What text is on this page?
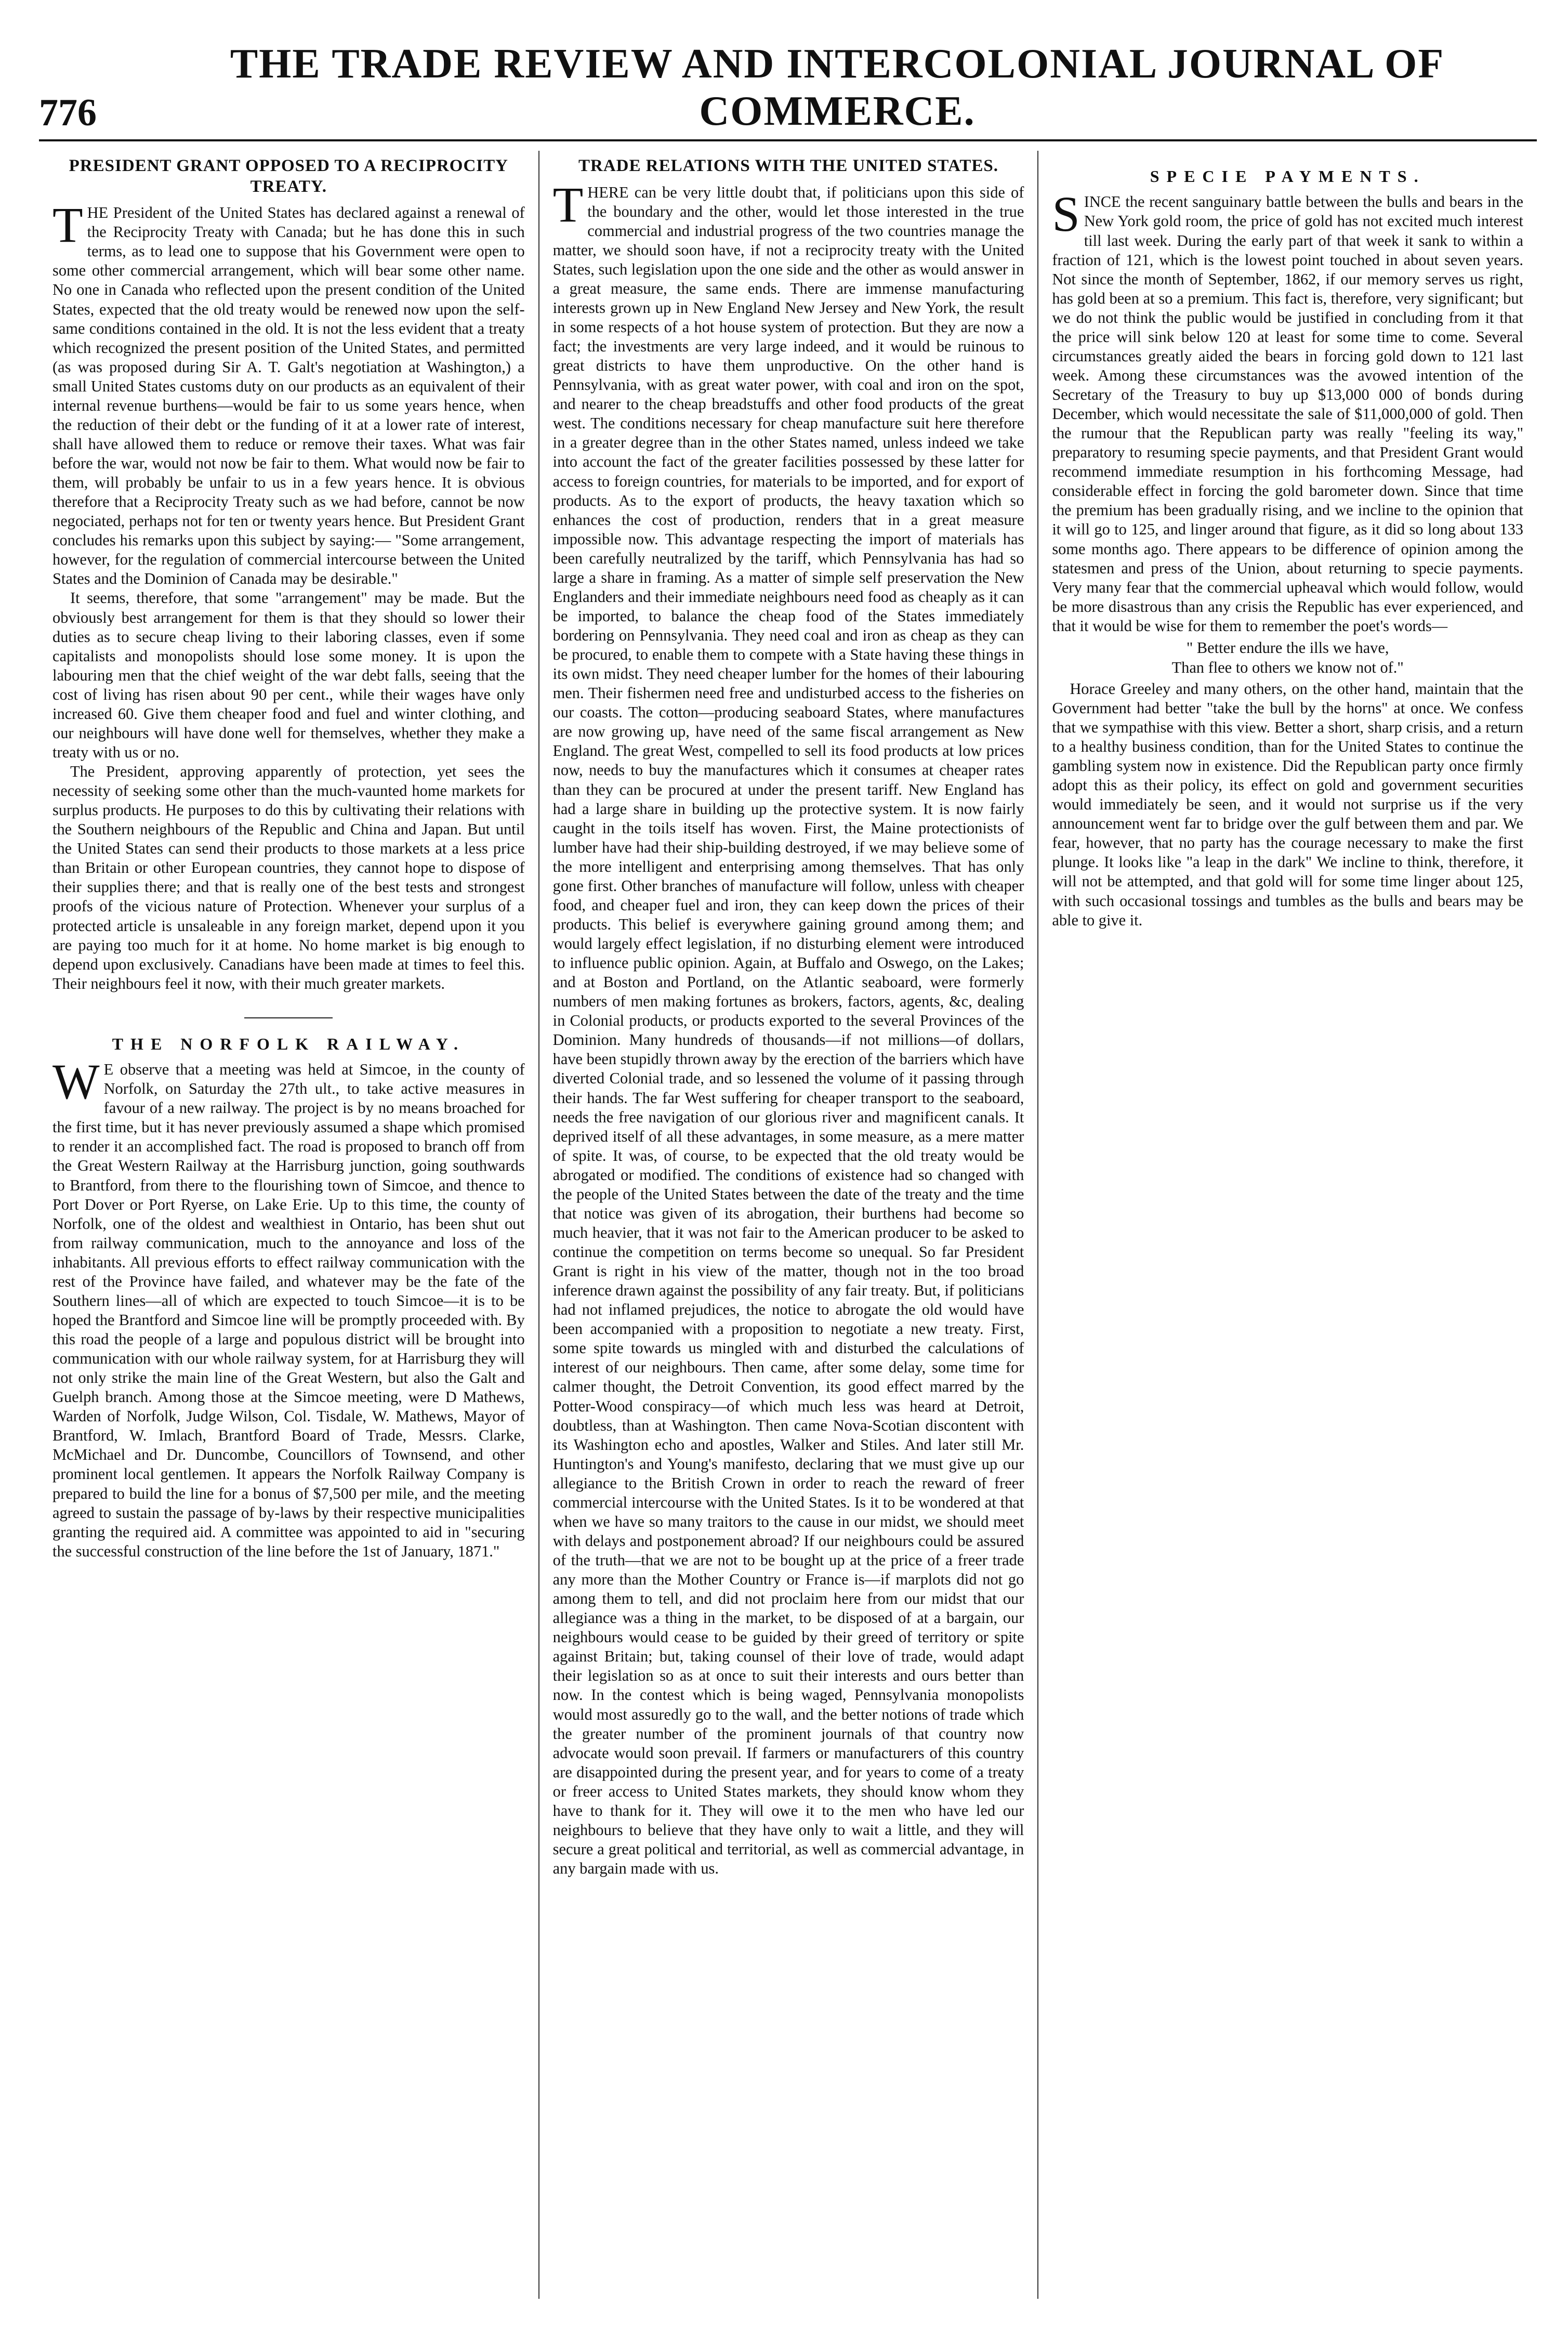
776
THE TRADE REVIEW AND INTERCOLONIAL JOURNAL OF COMMERCE.
PRESIDENT GRANT OPPOSED TO A RECIPROCITY TREATY.

THE President of the United States has declared against a renewal of the Reciprocity Treaty with Canada; but he has done this in such terms, as to lead one to suppose that his Government were open to some other commercial arrangement, which will bear some other name. No one in Canada who reflected upon the present condition of the United States, expected that the old treaty would be renewed now upon the self-same conditions contained in the old. It is not the less evident that a treaty which recognized the present position of the United States, and permitted (as was proposed during Sir A. T. Galt's negotiation at Washington,) a small United States customs duty on our products as an equivalent of their internal revenue burthens—would be fair to us some years hence, when the reduction of their debt or the funding of it at a lower rate of interest, shall have allowed them to reduce or remove their taxes. What was fair before the war, would not now be fair to them. What would now be fair to them, will probably be unfair to us in a few years hence. It is obvious therefore that a Reciprocity Treaty such as we had before, cannot be now negociated, perhaps not for ten or twenty years hence. But President Grant concludes his remarks upon this subject by saying:— "Some arrangement, however, for the regulation of commercial intercourse between the United States and the Dominion of Canada may be desirable."

It seems, therefore, that some "arrangement" may be made. But the obviously best arrangement for them is that they should so lower their duties as to secure cheap living to their laboring classes, even if some capitalists and monopolists should lose some money. It is upon the labouring men that the chief weight of the war debt falls, seeing that the cost of living has risen about 90 per cent., while their wages have only increased 60. Give them cheaper food and fuel and winter clothing, and our neighbours will have done well for themselves, whether they make a treaty with us or no.

The President, approving apparently of protection, yet sees the necessity of seeking some other than the much-vaunted home markets for surplus products. He purposes to do this by cultivating their relations with the Southern neighbours of the Republic and China and Japan. But until the United States can send their products to those markets at a less price than Britain or other European countries, they cannot hope to dispose of their supplies there; and that is really one of the best tests and strongest proofs of the vicious nature of Protection. Whenever your surplus of a protected article is unsaleable in any foreign market, depend upon it you are paying too much for it at home. No home market is big enough to depend upon exclusively. Canadians have been made at times to feel this. Their neighbours feel it now, with their much greater markets.

THE NORFOLK RAILWAY.

W E observe that a meeting was held at Simcoe, in the county of Norfolk, on Saturday the 27th ult., to take active measures in favour of a new railway. The project is by no means broached for the first time, but it has never previously assumed a shape which promised to render it an accomplished fact. The road is proposed to branch off from the Great Western Railway at the Harrisburg junction, going southwards to Brantford, from there to the flourishing town of Simcoe, and thence to Port Dover or Port Ryerse, on Lake Erie. Up to this time, the county of Norfolk, one of the oldest and wealthiest in Ontario, has been shut out from railway communication, much to the annoyance and loss of the inhabitants. All previous efforts to effect railway communication with the rest of the Province have failed, and whatever may be the fate of the Southern lines—all of which are expected to touch Simcoe—it is to be hoped the Brantford and Simcoe line will be promptly proceeded with. By this road the people of a large and populous district will be brought into communication with our whole railway system, for at Harrisburg they will not only strike the main line of the Great Western, but also the Galt and Guelph branch. Among those at the Simcoe meeting, were D Mathews, Warden of Norfolk, Judge Wilson, Col. Tisdale, W. Mathews, Mayor of Brantford, W. Imlach, Brantford Board of Trade, Messrs. Clarke, McMichael and Dr. Duncombe, Councillors of Townsend, and other prominent local gentlemen. It appears the Norfolk Railway Company is prepared to build the line for a bonus of $7,500 per mile, and the meeting agreed to sustain the passage of by-laws by their respective municipalities granting the required aid. A committee was appointed to aid in "securing the successful construction of the line before the 1st of January, 1871."

TRADE RELATIONS WITH THE UNITED STATES.

THERE can be very little doubt that, if politicians upon this side of the boundary and the other, would let those interested in the true commercial and industrial progress of the two countries manage the matter, we should soon have, if not a reciprocity treaty with the United States, such legislation upon the one side and the other as would answer in a great measure, the same ends. There are immense manufacturing interests grown up in New England New Jersey and New York, the result in some respects of a hot house system of protection. But they are now a fact; the investments are very large indeed, and it would be ruinous to great districts to have them unproductive. On the other hand is Pennsylvania, with as great water power, with coal and iron on the spot, and nearer to the cheap breadstuffs and other food products of the great west. The conditions necessary for cheap manufacture suit here therefore in a greater degree than in the other States named, unless indeed we take into account the fact of the greater facilities possessed by these latter for access to foreign countries, for materials to be imported, and for export of products. As to the export of products, the heavy taxation which so enhances the cost of production, renders that in a great measure impossible now. This advantage respecting the import of materials has been carefully neutralized by the tariff, which Pennsylvania has had so large a share in framing. As a matter of simple self preservation the New Englanders and their immediate neighbours need food as cheaply as it can be imported, to balance the cheap food of the States immediately bordering on Pennsylvania. They need coal and iron as cheap as they can be procured, to enable them to compete with a State having these things in its own midst. They need cheaper lumber for the homes of their labouring men. Their fishermen need free and undisturbed access to the fisheries on our coasts. The cotton—producing seaboard States, where manufactures are now growing up, have need of the same fiscal arrangement as New England. The great West, compelled to sell its food products at low prices now, needs to buy the manufactures which it consumes at cheaper rates than they can be procured at under the present tariff. New England has had a large share in building up the protective system. It is now fairly caught in the toils itself has woven. First, the Maine protectionists of lumber have had their ship-building destroyed, if we may believe some of the more intelligent and enterprising among themselves. That has only gone first. Other branches of manufacture will follow, unless with cheaper food, and cheaper fuel and iron, they can keep down the prices of their products. This belief is everywhere gaining ground among them; and would largely effect legislation, if no disturbing element were introduced to influence public opinion. Again, at Buffalo and Oswego, on the Lakes; and at Boston and Portland, on the Atlantic seaboard, were formerly numbers of men making fortunes as brokers, factors, agents, &c, dealing in Colonial products, or products exported to the several Provinces of the Dominion. Many hundreds of thousands—if not millions—of dollars, have been stupidly thrown away by the erection of the barriers which have diverted Colonial trade, and so lessened the volume of it passing through their hands. The far West suffering for cheaper transport to the seaboard, needs the free navigation of our glorious river and magnificent canals. It deprived itself of all these advantages, in some measure, as a mere matter of spite. It was, of course, to be expected that the old treaty would be abrogated or modified. The conditions of existence had so changed with the people of the United States between the date of the treaty and the time that notice was given of its abrogation, their burthens had become so much heavier, that it was not fair to the American producer to be asked to continue the competition on terms become so unequal. So far President Grant is right in his view of the matter, though not in the too broad inference drawn against the possibility of any fair treaty. But, if politicians had not inflamed prejudices, the notice to abrogate the old would have been accompanied with a proposition to negotiate a new treaty. First, some spite towards us mingled with and disturbed the calculations of interest of our neighbours. Then came, after some delay, some time for calmer thought, the Detroit Convention, its good effect marred by the Potter-Wood conspiracy—of which much less was heard at Detroit, doubtless, than at Washington. Then came Nova-Scotian discontent with its Washington echo and apostles, Walker and Stiles. And later still Mr. Huntington's and Young's manifesto, declaring that we must give up our allegiance to the British Crown in order to reach the reward of freer commercial intercourse with the United States. Is it to be wondered at that when we have so many traitors to the cause in our midst, we should meet with delays and postponement abroad? If our neighbours could be assured of the truth—that we are not to be bought up at the price of a freer trade any more than the Mother Country or France is—if marplots did not go among them to tell, and did not proclaim here from our midst that our allegiance was a thing in the market, to be disposed of at a bargain, our neighbours would cease to be guided by their greed of territory or spite against Britain; but, taking counsel of their love of trade, would adapt their legislation so as at once to suit their interests and ours better than now. In the contest which is being waged, Pennsylvania monopolists would most assuredly go to the wall, and the better notions of trade which the greater number of the prominent journals of that country now advocate would soon prevail. If farmers or manufacturers of this country are disappointed during the present year, and for years to come of a treaty or freer access to United States markets, they should know whom they have to thank for it. They will owe it to the men who have led our neighbours to believe that they have only to wait a little, and they will secure a great political and territorial, as well as commercial advantage, in any bargain made with us.

SPECIE PAYMENTS.

SINCE the recent sanguinary battle between the bulls and bears in the New York gold room, the price of gold has not excited much interest till last week. During the early part of that week it sank to within a fraction of 121, which is the lowest point touched in about seven years. Not since the month of September, 1862, if our memory serves us right, has gold been at so a premium. This fact is, therefore, very significant; but we do not think the public would be justified in concluding from it that the price will sink below 120 at least for some time to come. Several circumstances greatly aided the bears in forcing gold down to 121 last week. Among these circumstances was the avowed intention of the Secretary of the Treasury to buy up $13,000 000 of bonds during December, which would necessitate the sale of $11,000,000 of gold. Then the rumour that the Republican party was really "feeling its way," preparatory to resuming specie payments, and that President Grant would recommend immediate resumption in his forthcoming Message, had considerable effect in forcing the gold barometer down. Since that time the premium has been gradually rising, and we incline to the opinion that it will go to 125, and linger around that figure, as it did so long about 133 some months ago. There appears to be difference of opinion among the statesmen and press of the Union, about returning to specie payments. Very many fear that the commercial upheaval which would follow, would be more disastrous than any crisis the Republic has ever experienced, and that it would be wise for them to remember the poet's words—

" Better endure the ills we have,
Than flee to others we know not of."

Horace Greeley and many others, on the other hand, maintain that the Government had better "take the bull by the horns" at once. We confess that we sympathise with this view. Better a short, sharp crisis, and a return to a healthy business condition, than for the United States to continue the gambling system now in existence. Did the Republican party once firmly adopt this as their policy, its effect on gold and government securities would immediately be seen, and it would not surprise us if the very announcement went far to bridge over the gulf between them and par. We fear, however, that no party has the courage necessary to make the first plunge. It looks like "a leap in the dark" We incline to think, therefore, it will not be attempted, and that gold will for some time linger about 125, with such occasional tossings and tumbles as the bulls and bears may be able to give it.
